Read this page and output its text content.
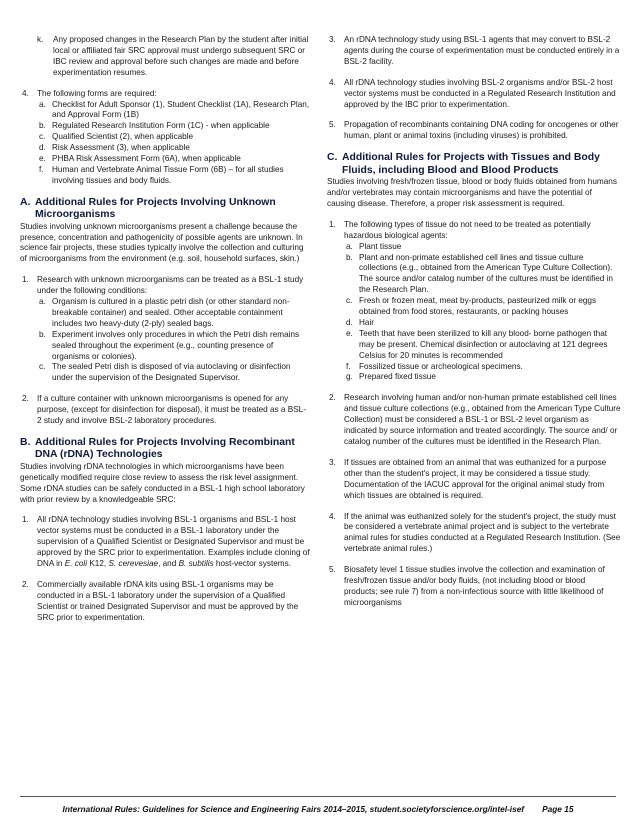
k.	Any proposed changes in the Research Plan by the student after initial local or affiliated fair SRC approval must undergo subsequent SRC or IBC review and approval before such changes are made and before experimentation resumes.
4. The following forms are required:
a. Checklist for Adult Sponsor (1), Student Checklist (1A), Research Plan, and Approval Form (1B)
b. Regulated Research Institution Form (1C) - when applicable
c. Qualified Scientist (2), when applicable
d. Risk Assessment (3), when applicable
e. PHBA Risk Assessment Form (6A), when applicable
f.	Human and Vertebrate Animal Tissue Form (6B) – for all studies involving tissues and body fluids.
A. Additional Rules for Projects Involving Unknown Microorganisms

Studies involving unknown microorganisms present a challenge because the presence, concentration and pathogenicity of possible agents are unknown. In science fair projects, these studies typically involve the collection and culturing of microorganisms from the environment (e.g. soil, household surfaces, skin.)

1. Research with unknown microorganisms can be treated as a BSL-1 study under the following conditions:
a. Organism is cultured in a plastic petri dish (or other standard non-breakable container) and sealed. Other acceptable containment includes two heavy-duty (2-ply) sealed bags.
b. Experiment involves only procedures in which the Petri dish remains sealed throughout the experiment (e.g., counting presence of organisms or colonies).
c. The sealed Petri dish is disposed of via autoclaving or disinfection under the supervision of the Designated Supervisor.
2. If a culture container with unknown microorganisms is opened for any purpose, (except for disinfection for disposal), it must be treated as a BSL-2 study and involve BSL-2 laboratory procedures.
B. Additional Rules for Projects Involving Recombinant DNA (rDNA) Technologies

Studies involving rDNA technologies in which microorganisms have been genetically modified require close review to assess the risk level assignment. Some rDNA studies can be safely conducted in a BSL-1 high school laboratory with prior review by a knowledgeable SRC:

1. All rDNA technology studies involving BSL-1 organisms and BSL-1 host vector systems must be conducted in a BSL-1 laboratory under the supervision of a Qualified Scientist or Designated Supervisor and must be approved by the SRC prior to experimentation. Examples include cloning of DNA in E. coli K12, S. cerevesiae, and B. subtilis host-vector systems.
2. Commercially available rDNA kits using BSL-1 organisms may be conducted in a BSL-1 laboratory under the supervision of a Qualified Scientist or trained Designated Supervisor and must be approved by the SRC prior to experimentation.
3. An rDNA technology study using BSL-1 agents that may convert to BSL-2 agents during the course of experimentation must be conducted entirely in a BSL-2 facility.
4. All rDNA technology studies involving BSL-2 organisms and/or BSL-2 host vector systems must be conducted in a Regulated Research Institution and approved by the IBC prior to experimentation.
5. Propagation of recombinants containing DNA coding for oncogenes or other human, plant or animal toxins (including viruses) is prohibited.
C. Additional Rules for Projects with Tissues and Body Fluids, including Blood and Blood Products

Studies involving fresh/frozen tissue, blood or body fluids obtained from humans and/or vertebrates may contain microorganisms and have the potential of causing disease. Therefore, a proper risk assessment is required.

1. The following types of tissue do not need to be treated as potentially hazardous biological agents:
a. Plant tissue
b. Plant and non-primate established cell lines and tissue culture collections (e.g., obtained from the American Type Culture Collection). The source and/or catalog number of the cultures must be identified in the Research Plan.
c. Fresh or frozen meat, meat by-products, pasteurized milk or eggs obtained from food stores, restaurants, or packing houses
d. Hair
e. Teeth that have been sterilized to kill any blood- borne pathogen that may be present. Chemical disinfection or autoclaving at 121 degrees Celsius for 20 minutes is recommended
f.	Fossilized tissue or archeological specimens.
g. Prepared fixed tissue
2. Research involving human and/or non-human primate established cell lines and tissue culture collections (e.g., obtained from the American Type Culture Collection) must be considered a BSL-1 or BSL-2 level organism as indicated by source information and treated accordingly. The source and/ or catalog number of the cultures must be identified in the Research Plan.
3. If tissues are obtained from an animal that was euthanized for a purpose other than the student's project, it may be considered a tissue study. Documentation of the IACUC approval for the original animal study from which tissues are obtained is required.
4. If the animal was euthanized solely for the student's project, the study must be considered a vertebrate animal project and is subject to the vertebrate animal rules for studies conducted at a Regulated Research Institution. (See vertebrate animal rules.)
5. Biosafety level 1 tissue studies involve the collection and examination of fresh/frozen tissue and/or body fluids, (not including blood or blood products; see rule 7) from a non-infectious source with little likelihood of microorganisms
International Rules: Guidelines for Science and Engineering Fairs 2014–2015, student.societyforscience.org/intel-isef Page 15
